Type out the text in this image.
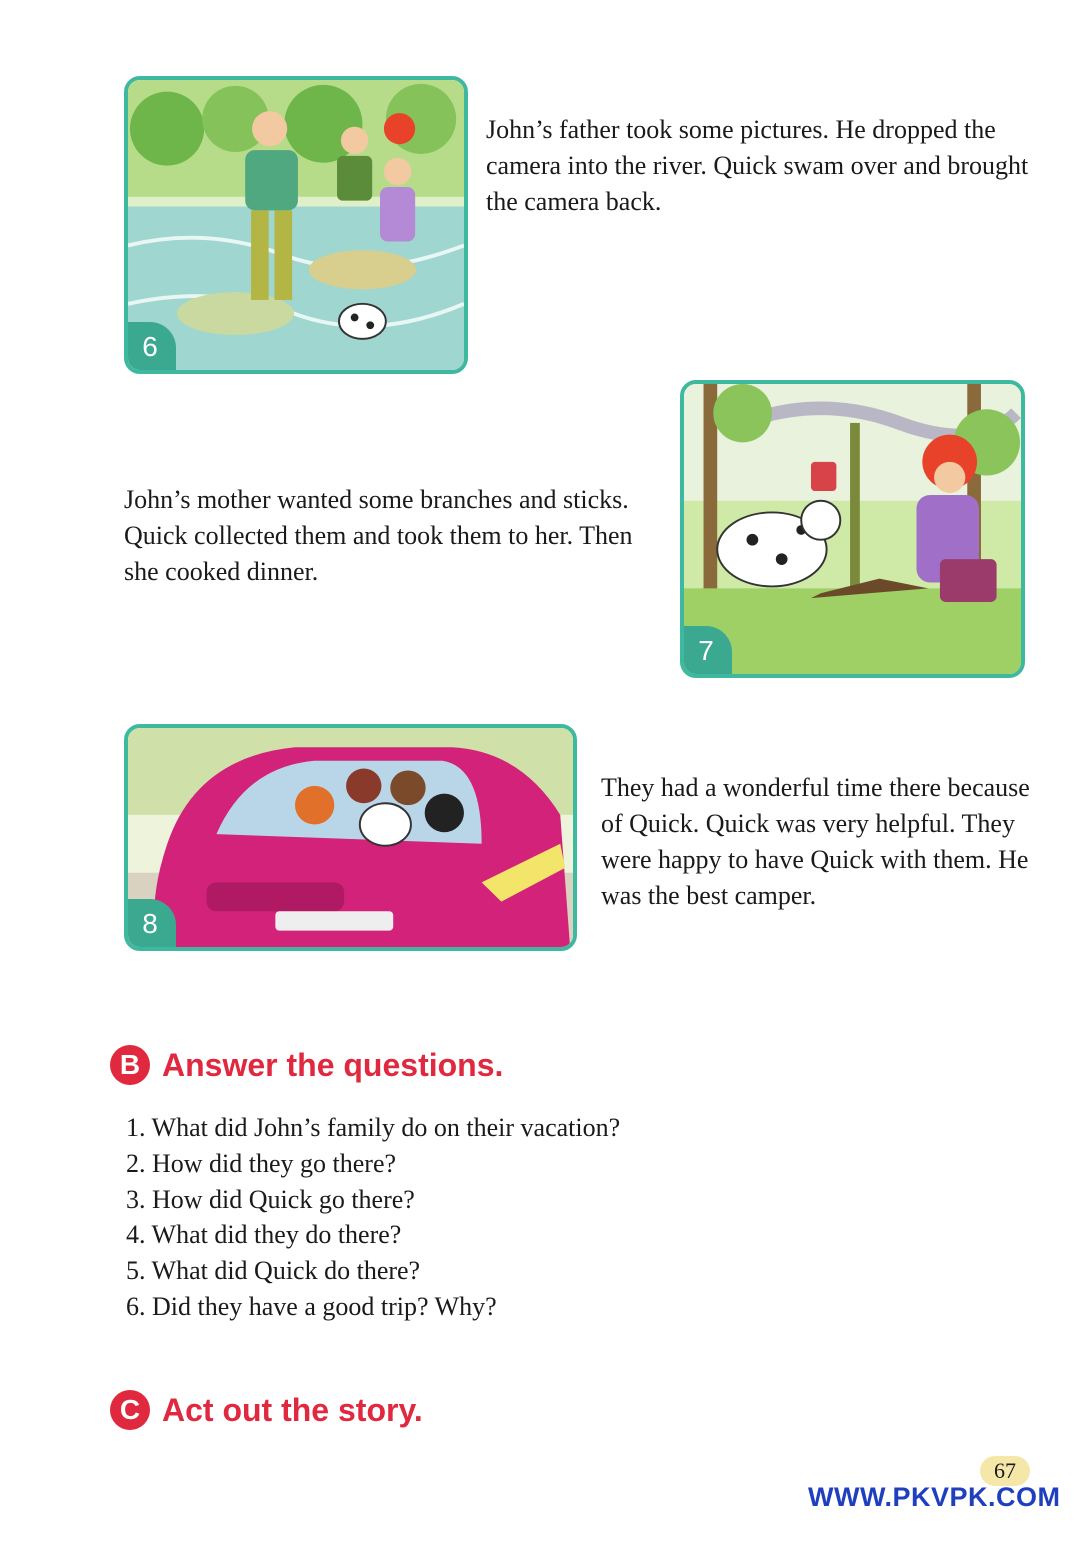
6

John’s father took some pictures. He dropped the camera into the river. Quick swam over and brought the camera back.

7

John’s mother wanted some branches and sticks. Quick collected them and took them to her. Then she cooked dinner.

8

They had a wonderful time there because of Quick. Quick was very helpful. They were happy to have Quick with them. He was the best camper.

B Answer the questions.
1. What did John’s family do on their vacation?
2. How did they go there?
3. How did Quick go there?
4. What did they do there?
5. What did Quick do there?
6. Did they have a good trip? Why?
C Act out the story.
67
WWW.PKVPK.COM
